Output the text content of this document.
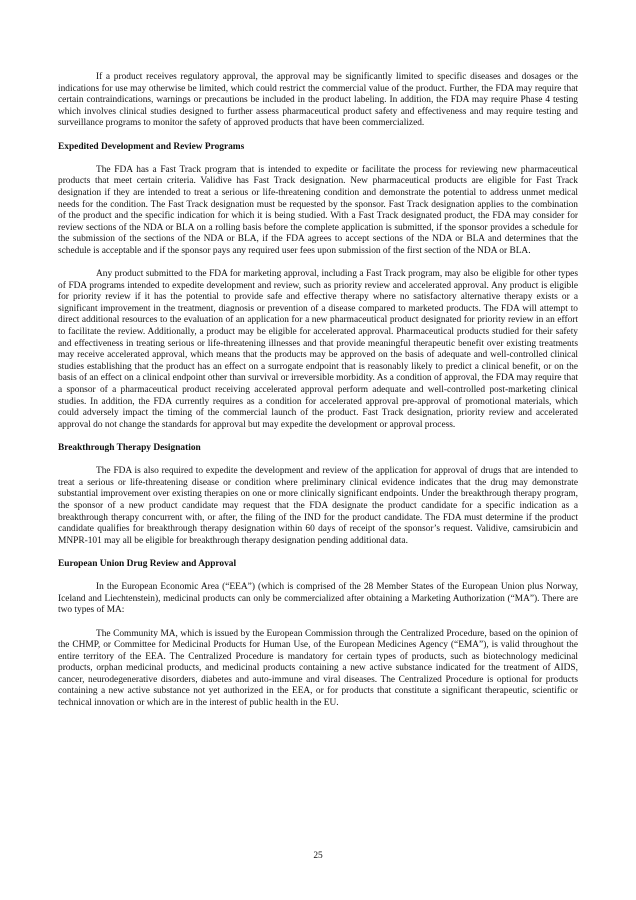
If a product receives regulatory approval, the approval may be significantly limited to specific diseases and dosages or the indications for use may otherwise be limited, which could restrict the commercial value of the product. Further, the FDA may require that certain contraindications, warnings or precautions be included in the product labeling. In addition, the FDA may require Phase 4 testing which involves clinical studies designed to further assess pharmaceutical product safety and effectiveness and may require testing and surveillance programs to monitor the safety of approved products that have been commercialized.

Expedited Development and Review Programs

The FDA has a Fast Track program that is intended to expedite or facilitate the process for reviewing new pharmaceutical products that meet certain criteria. Validive has Fast Track designation. New pharmaceutical products are eligible for Fast Track designation if they are intended to treat a serious or life-threatening condition and demonstrate the potential to address unmet medical needs for the condition. The Fast Track designation must be requested by the sponsor. Fast Track designation applies to the combination of the product and the specific indication for which it is being studied. With a Fast Track designated product, the FDA may consider for review sections of the NDA or BLA on a rolling basis before the complete application is submitted, if the sponsor provides a schedule for the submission of the sections of the NDA or BLA, if the FDA agrees to accept sections of the NDA or BLA and determines that the schedule is acceptable and if the sponsor pays any required user fees upon submission of the first section of the NDA or BLA.

Any product submitted to the FDA for marketing approval, including a Fast Track program, may also be eligible for other types of FDA programs intended to expedite development and review, such as priority review and accelerated approval. Any product is eligible for priority review if it has the potential to provide safe and effective therapy where no satisfactory alternative therapy exists or a significant improvement in the treatment, diagnosis or prevention of a disease compared to marketed products. The FDA will attempt to direct additional resources to the evaluation of an application for a new pharmaceutical product designated for priority review in an effort to facilitate the review. Additionally, a product may be eligible for accelerated approval. Pharmaceutical products studied for their safety and effectiveness in treating serious or life-threatening illnesses and that provide meaningful therapeutic benefit over existing treatments may receive accelerated approval, which means that the products may be approved on the basis of adequate and well-controlled clinical studies establishing that the product has an effect on a surrogate endpoint that is reasonably likely to predict a clinical benefit, or on the basis of an effect on a clinical endpoint other than survival or irreversible morbidity. As a condition of approval, the FDA may require that a sponsor of a pharmaceutical product receiving accelerated approval perform adequate and well-controlled post-marketing clinical studies. In addition, the FDA currently requires as a condition for accelerated approval pre-approval of promotional materials, which could adversely impact the timing of the commercial launch of the product. Fast Track designation, priority review and accelerated approval do not change the standards for approval but may expedite the development or approval process.

Breakthrough Therapy Designation

The FDA is also required to expedite the development and review of the application for approval of drugs that are intended to treat a serious or life-threatening disease or condition where preliminary clinical evidence indicates that the drug may demonstrate substantial improvement over existing therapies on one or more clinically significant endpoints. Under the breakthrough therapy program, the sponsor of a new product candidate may request that the FDA designate the product candidate for a specific indication as a breakthrough therapy concurrent with, or after, the filing of the IND for the product candidate. The FDA must determine if the product candidate qualifies for breakthrough therapy designation within 60 days of receipt of the sponsor’s request. Validive, camsirubicin and MNPR-101 may all be eligible for breakthrough therapy designation pending additional data.

European Union Drug Review and Approval

In the European Economic Area (“EEA”) (which is comprised of the 28 Member States of the European Union plus Norway, Iceland and Liechtenstein), medicinal products can only be commercialized after obtaining a Marketing Authorization (“MA”). There are two types of MA:

The Community MA, which is issued by the European Commission through the Centralized Procedure, based on the opinion of the CHMP, or Committee for Medicinal Products for Human Use, of the European Medicines Agency (“EMA”), is valid throughout the entire territory of the EEA. The Centralized Procedure is mandatory for certain types of products, such as biotechnology medicinal products, orphan medicinal products, and medicinal products containing a new active substance indicated for the treatment of AIDS, cancer, neurodegenerative disorders, diabetes and auto-immune and viral diseases. The Centralized Procedure is optional for products containing a new active substance not yet authorized in the EEA, or for products that constitute a significant therapeutic, scientific or technical innovation or which are in the interest of public health in the EU.

25
